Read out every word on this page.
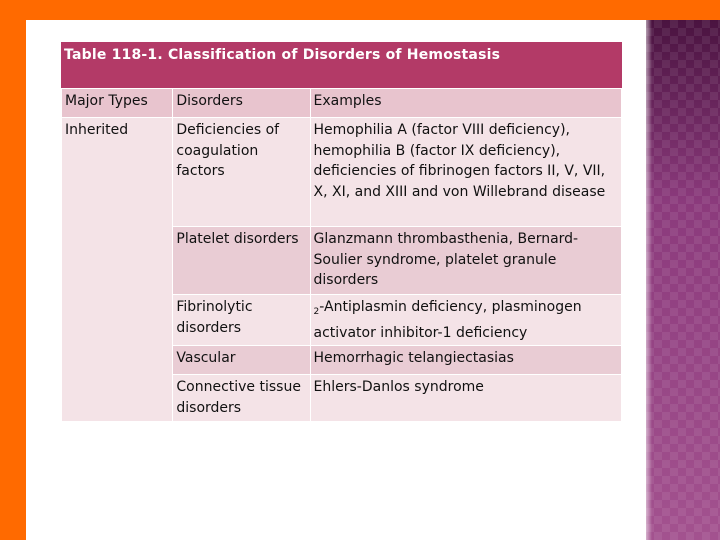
Table 118-1. Classification of Disorders of Hemostasis
Major Types	Disorders	Examples
Inherited	Deficiencies of coagulation factors	Hemophilia A (factor VIII deficiency), hemophilia B (factor IX deficiency), deficiencies of fibrinogen factors II, V, VII, X, XI, and XIII and von Willebrand disease
	Platelet disorders	Glanzmann thrombasthenia, Bernard-Soulier syndrome, platelet granule disorders
	Fibrinolytic disorders	$_2$-Antiplasmin deficiency, plasminogen activator inhibitor-1 deficiency
	Vascular	Hemorrhagic telangiectasias
	Connective tissue disorders	Ehlers-Danlos syndrome
